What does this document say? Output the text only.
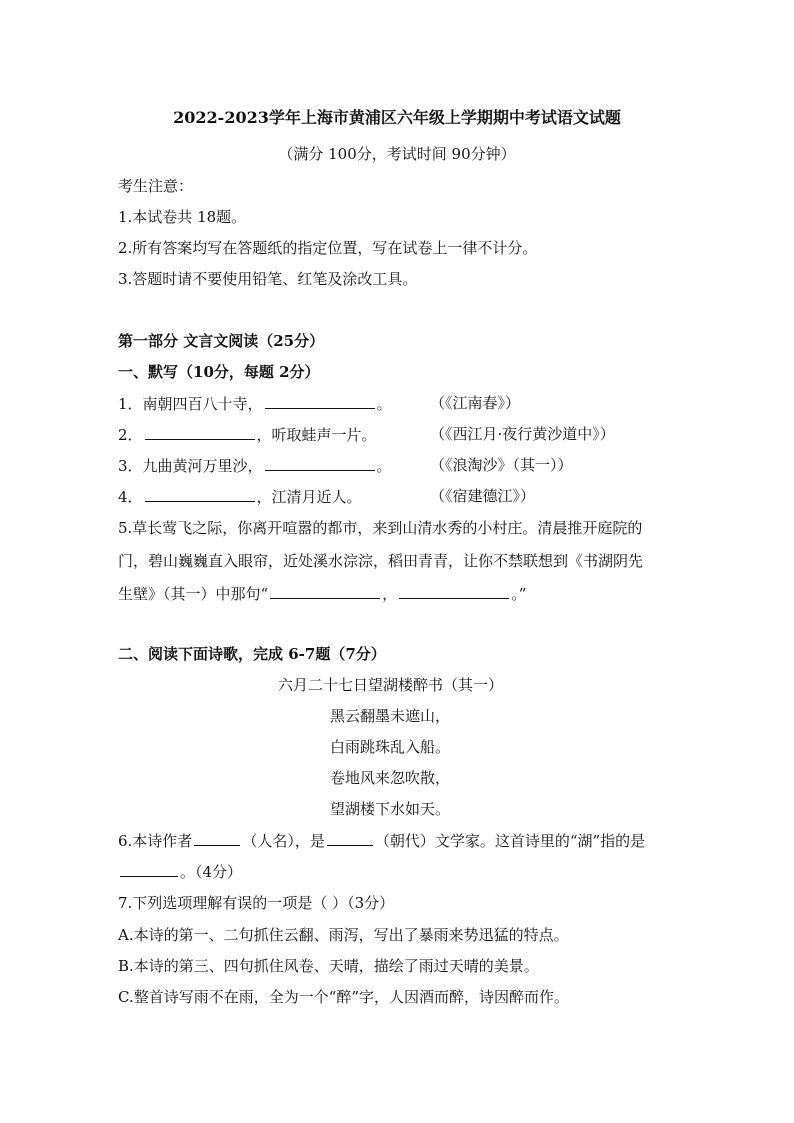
2022-2023学年上海市黄浦区六年级上学期期中考试语文试题
（满分 100分，考试时间 90分钟）
考生注意：
1.本试卷共 18题。
2.所有答案均写在答题纸的指定位置，写在试卷上一律不计分。
3.答题时请不要使用铅笔、红笔及涂改工具。
第一部分 文言文阅读（25分）
一、默写（10分，每题 2分）
1．南朝四百八十寺，	。	（《江南春》）
2．	，听取蛙声一片。	（《西江月·夜行黄沙道中》）
3．九曲黄河万里沙，	。	（《浪淘沙》（其一））
4．	，江清月近人。	（《宿建德江》）
5.草长莺飞之际，你离开喧嚣的都市，来到山清水秀的小村庄。清晨推开庭院的
门，碧山巍巍直入眼帘，近处溪水淙淙，稻田青青，让你不禁联想到《书湖阴先
生壁》（其一）中那句“	，	。”
二、阅读下面诗歌，完成 6-7题（7分）
六月二十七日望湖楼醉书（其一）
黑云翻墨未遮山，
白雨跳珠乱入船。
卷地风来忽吹散，
望湖楼下水如天。
6.本诗作者	（人名），是	（朝代）文学家。这首诗里的“湖”指的是
。（4分）
7.下列选项理解有误的一项是（ ）（3分）
A.本诗的第一、二句抓住云翻、雨泻，写出了暴雨来势迅猛的特点。
B.本诗的第三、四句抓住风卷、天晴，描绘了雨过天晴的美景。
C.整首诗写雨不在雨，全为一个“醉”字，人因酒而醉，诗因醉而作。
